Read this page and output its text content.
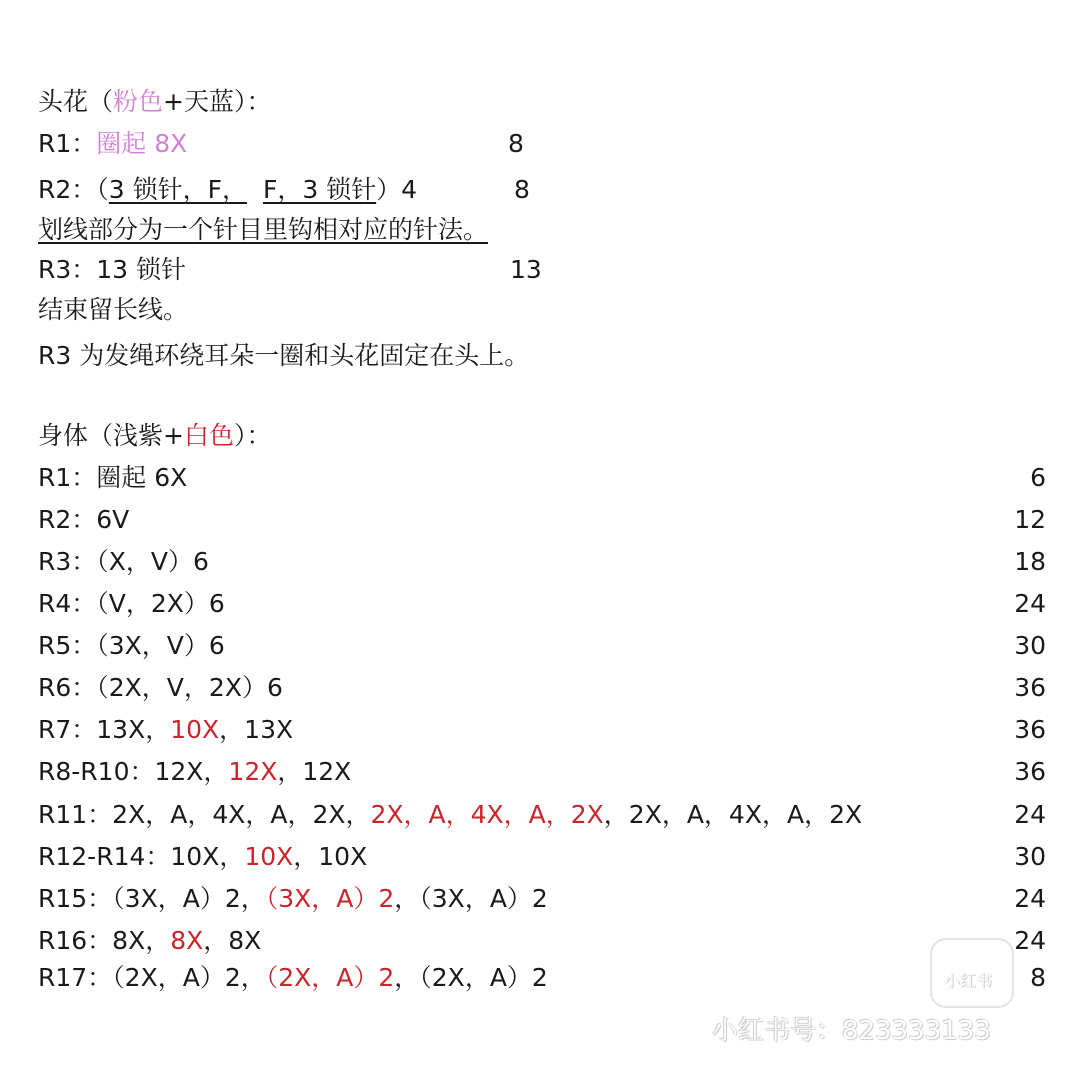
头花（粉色+天蓝）：
R1：圈起 8X	8
R2：（3 锁针，F， F，3 锁针）4	8
划线部分为一个针目里钩相对应的针法。
R3：13 锁针	13
结束留长线。
R3 为发绳环绕耳朵一圈和头花固定在头上。
身体（浅紫+白色）：
R1：圈起 6X	6
R2：6V	12
R3：（X，V）6	18
R4：（V，2X）6	24
R5：（3X，V）6	30
R6：（2X，V，2X）6	36
R7：13X，10X，13X	36
R8-R10：12X，12X，12X	36
R11：2X，A，4X，A，2X，2X，A，4X，A，2X，2X，A，4X，A，2X	24
R12-R14：10X，10X，10X	30
R15：（3X，A）2，（3X，A）2，（3X，A）2	24
R16：8X，8X，8X	24
R17：（2X，A）2，（2X，A）2，（2X，A）2	8
小红书
小红书号：823333133
